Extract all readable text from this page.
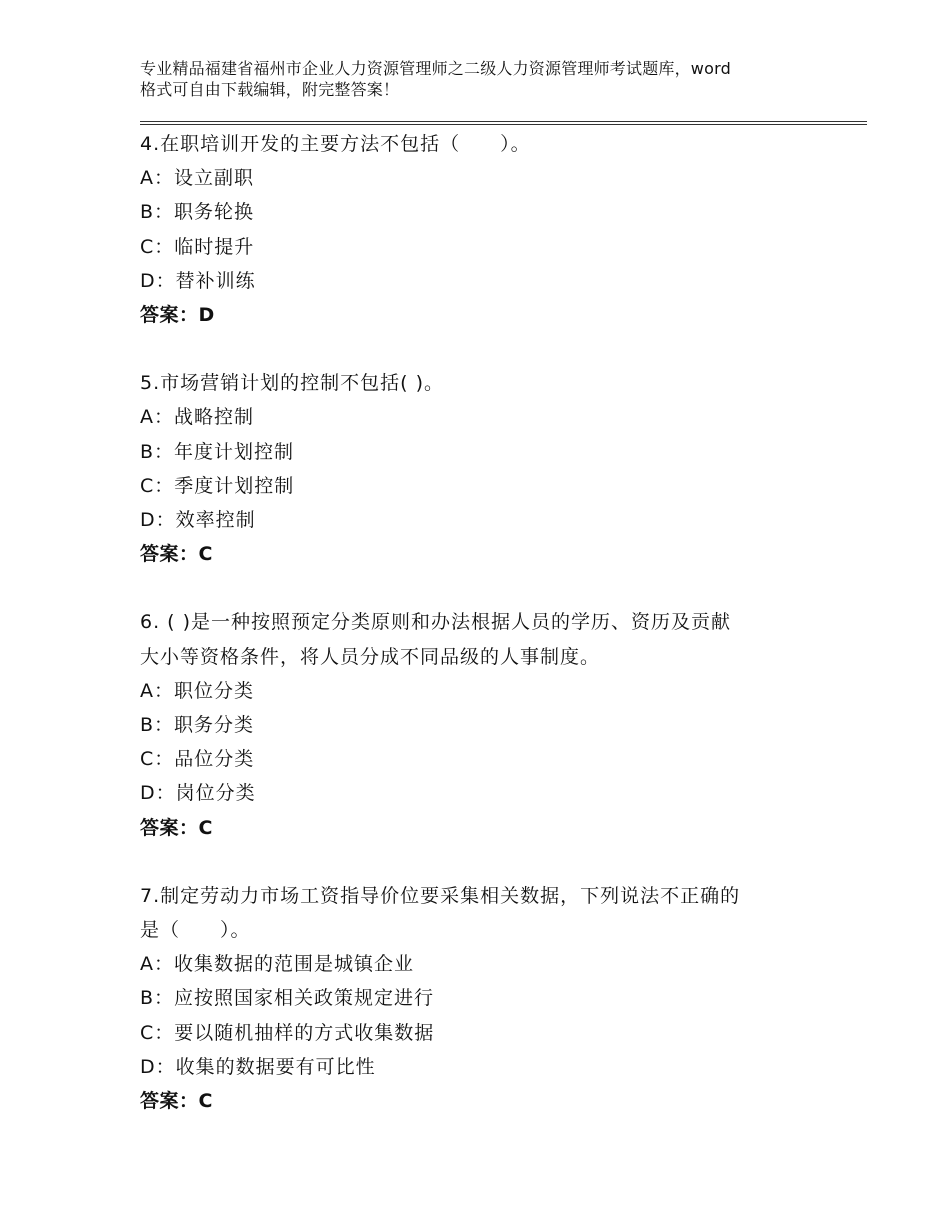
专业精品福建省福州市企业人力资源管理师之二级人力资源管理师考试题库，word
格式可自由下载编辑，附完整答案！
4.在职培训开发的主要方法不包括（　　）。
A：设立副职
B：职务轮换
C：临时提升
D：替补训练
答案：D
5.市场营销计划的控制不包括( )。
A：战略控制
B：年度计划控制
C：季度计划控制
D：效率控制
答案：C
6. ( )是一种按照预定分类原则和办法根据人员的学历、资历及贡献
大小等资格条件，将人员分成不同品级的人事制度。
A：职位分类
B：职务分类
C：品位分类
D：岗位分类
答案：C
7.制定劳动力市场工资指导价位要采集相关数据，下列说法不正确的
是（　　）。
A：收集数据的范围是城镇企业
B：应按照国家相关政策规定进行
C：要以随机抽样的方式收集数据
D：收集的数据要有可比性
答案：C
